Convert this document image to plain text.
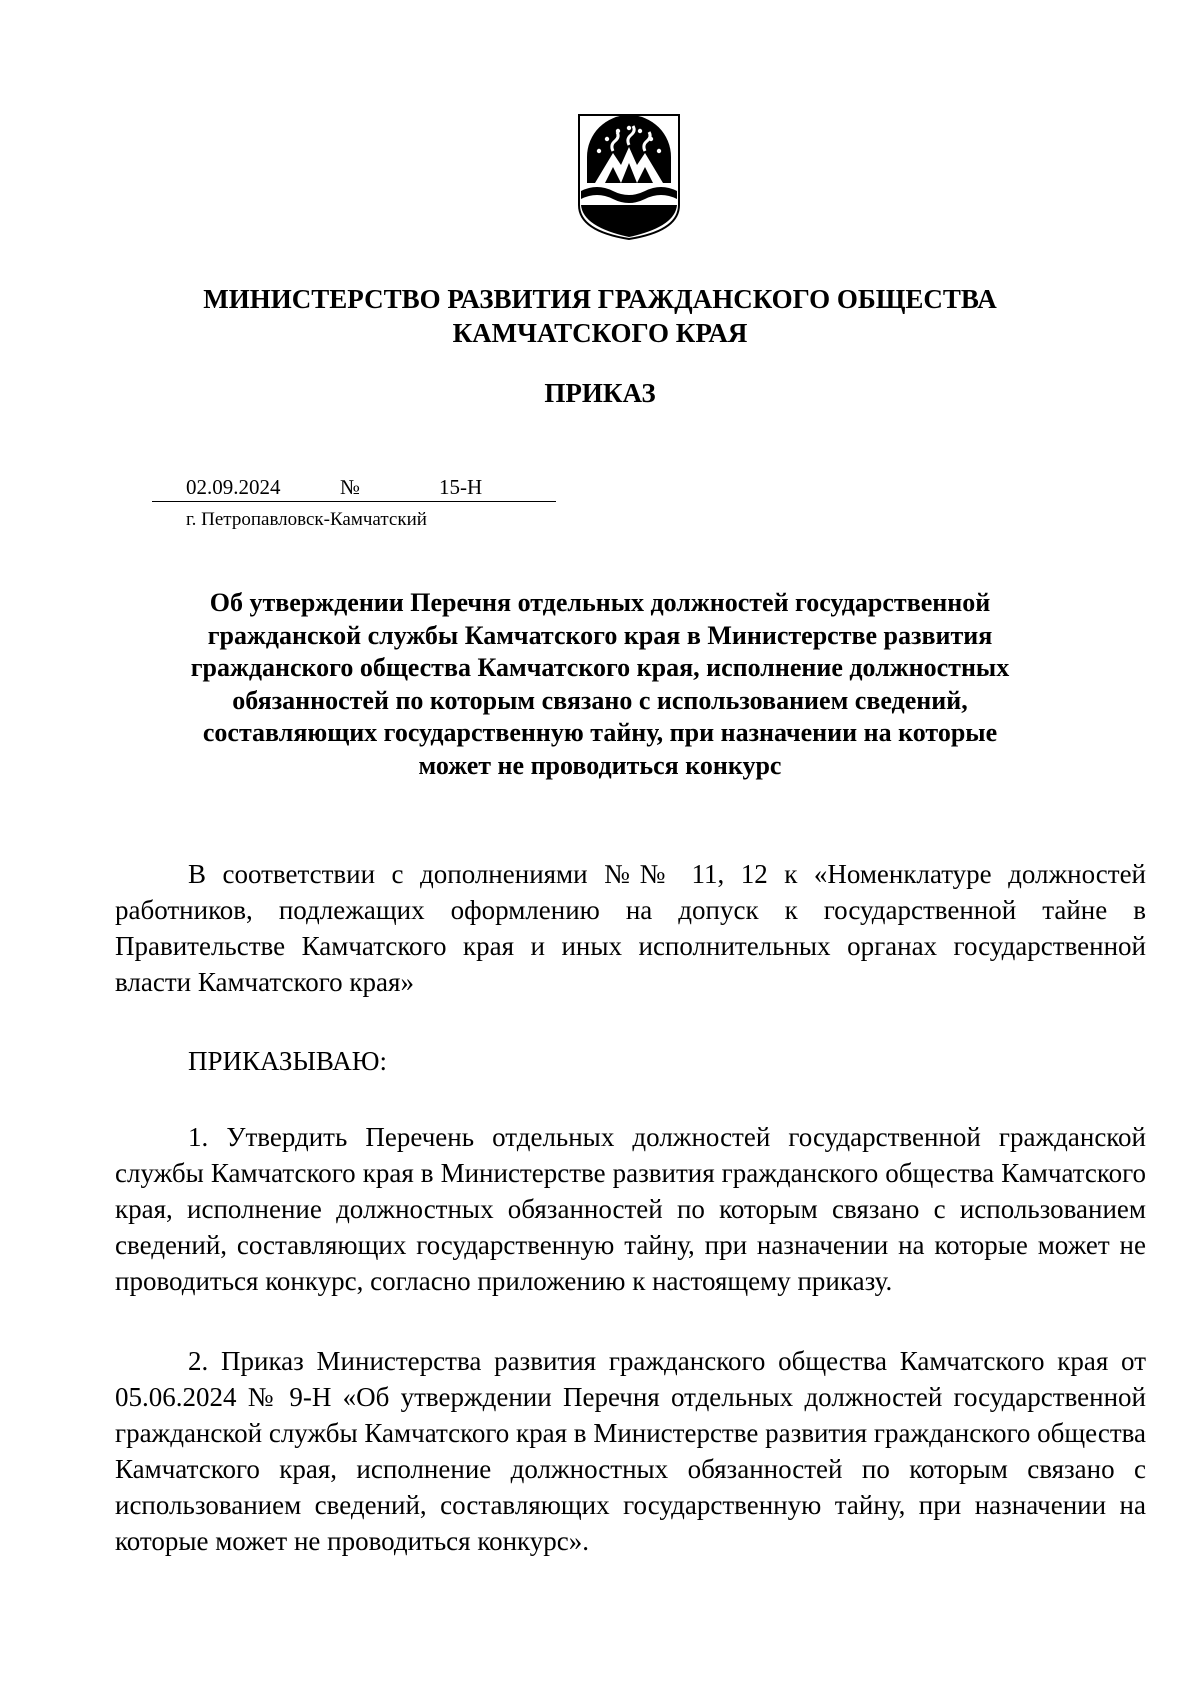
МИНИСТЕРСТВО РАЗВИТИЯ ГРАЖДАНСКОГО ОБЩЕСТВА
КАМЧАТСКОГО КРАЯ
ПРИКАЗ
02.09.2024	№	15-Н
г. Петропавловск-Камчатский
Об утверждении Перечня отдельных должностей государственной
гражданской службы Камчатского края в Министерстве развития
гражданского общества Камчатского края, исполнение должностных
обязанностей по которым связано с использованием сведений,
составляющих государственную тайну, при назначении на которые
может не проводиться конкурс

В соответствии с дополнениями №№ 11, 12 к «Номенклатуре должностей работников, подлежащих оформлению на допуск к государственной тайне в Правительстве Камчатского края и иных исполнительных органах государственной власти Камчатского края»

ПРИКАЗЫВАЮ:

1. Утвердить Перечень отдельных должностей государственной гражданской службы Камчатского края в Министерстве развития гражданского общества Камчатского края, исполнение должностных обязанностей по которым связано с использованием сведений, составляющих государственную тайну, при назначении на которые может не проводиться конкурс, согласно приложению к настоящему приказу.

2. Приказ Министерства развития гражданского общества Камчатского края от 05.06.2024 № 9-Н «Об утверждении Перечня отдельных должностей государственной гражданской службы Камчатского края в Министерстве развития гражданского общества Камчатского края, исполнение должностных обязанностей по которым связано с использованием сведений, составляющих государственную тайну, при назначении на которые может не проводиться конкурс».
